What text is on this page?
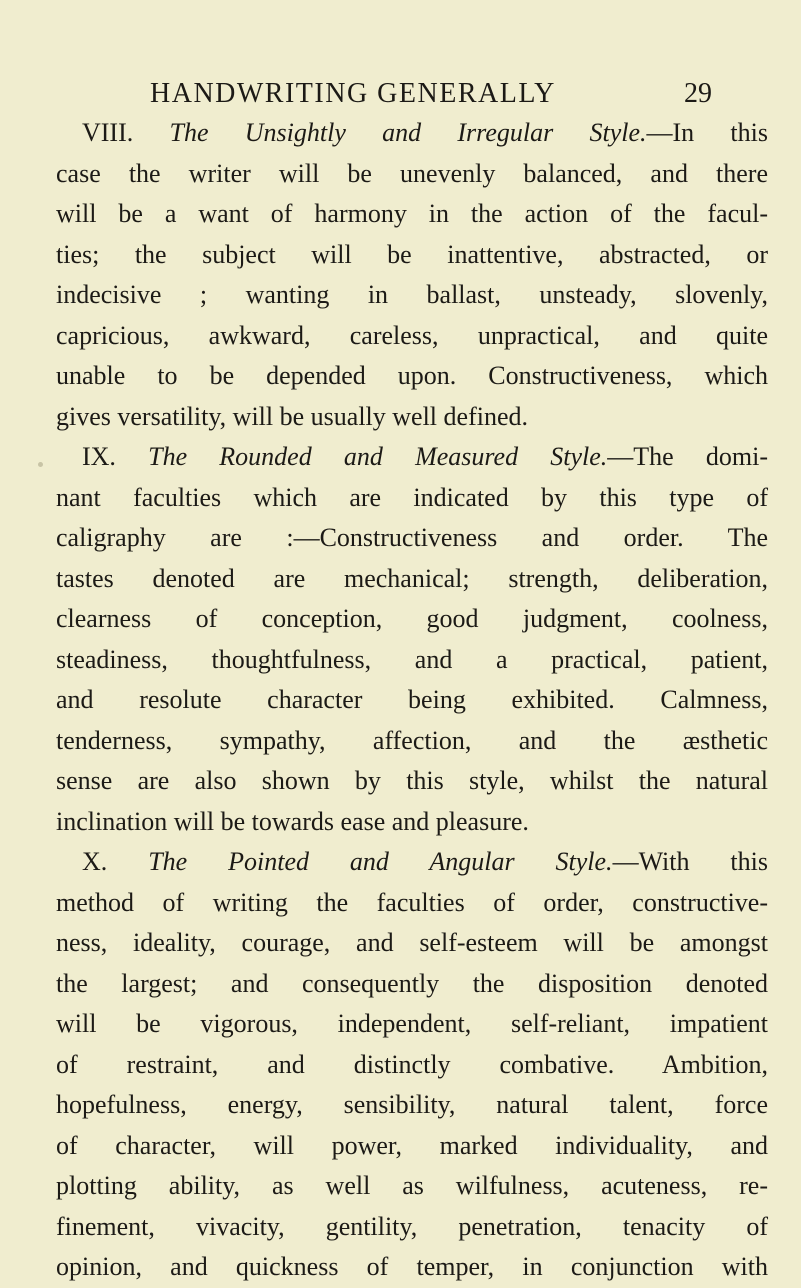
HANDWRITING GENERALLY	29
VIII. The Unsightly and Irregular Style.—In this
case the writer will be unevenly balanced, and there
will be a want of harmony in the action of the facul-
ties; the subject will be inattentive, abstracted, or
indecisive ; wanting in ballast, unsteady, slovenly,
capricious, awkward, careless, unpractical, and quite
unable to be depended upon. Constructiveness, which
gives versatility, will be usually well defined.
IX. The Rounded and Measured Style.—The domi-
nant faculties which are indicated by this type of
caligraphy are :—Constructiveness and order. The
tastes denoted are mechanical; strength, deliberation,
clearness of conception, good judgment, coolness,
steadiness, thoughtfulness, and a practical, patient,
and resolute character being exhibited. Calmness,
tenderness, sympathy, affection, and the æsthetic
sense are also shown by this style, whilst the natural
inclination will be towards ease and pleasure.
X. The Pointed and Angular Style.—With this
method of writing the faculties of order, constructive-
ness, ideality, courage, and self-esteem will be amongst
the largest; and consequently the disposition denoted
will be vigorous, independent, self-reliant, impatient
of restraint, and distinctly combative. Ambition,
hopefulness, energy, sensibility, natural talent, force
of character, will power, marked individuality, and
plotting ability, as well as wilfulness, acuteness, re-
finement, vivacity, gentility, penetration, tenacity of
opinion, and quickness of temper, in conjunction with
